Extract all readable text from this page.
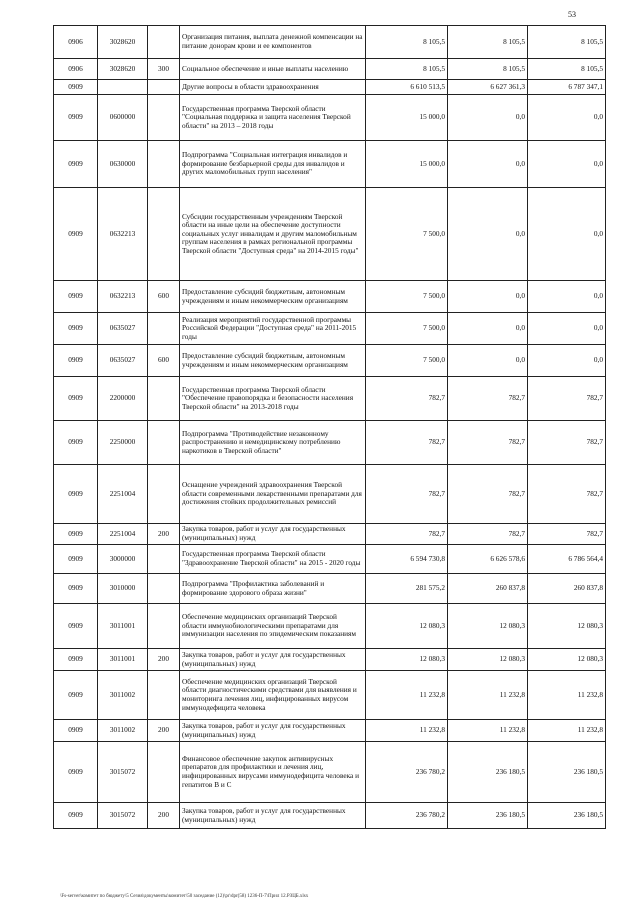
53
0906	3028620		Организация питания, выплата денежной компенсации на питание донорам крови и ее компонентов	8 105,5	8 105,5	8 105,5
0906	3028620	300	Социальное обеспечение и иные выплаты населению	8 105,5	8 105,5	8 105,5
0909			Другие вопросы в области здравоохранения	6 610 513,5	6 627 361,3	6 787 347,1
0909	0600000		Государственная программа Тверской области "Социальная поддержка и защита населения Тверской области" на 2013 – 2018 годы	15 000,0	0,0	0,0
0909	0630000		Подпрограмма "Социальная интеграция инвалидов и формирование безбарьерной среды для инвалидов и других маломобильных групп населения"	15 000,0	0,0	0,0
0909	0632213		Субсидии государственным учреждениям Тверской области на иные цели на обеспечение доступности социальных услуг инвалидам и другим маломобильным группам населения в рамках региональной программы Тверской области "Доступная среда" на 2014-2015 годы"	7 500,0	0,0	0,0
0909	0632213	600	Предоставление субсидий бюджетным, автономным учреждениям и иным некоммерческим организациям	7 500,0	0,0	0,0
0909	0635027		Реализация мероприятий государственной программы Российской Федерации "Доступная среда" на 2011-2015 годы	7 500,0	0,0	0,0
0909	0635027	600	Предоставление субсидий бюджетным, автономным учреждениям и иным некоммерческим организациям	7 500,0	0,0	0,0
0909	2200000		Государственная программа Тверской области "Обеспечение правопорядка и безопасности населения Тверской области" на 2013-2018 годы	782,7	782,7	782,7
0909	2250000		Подпрограмма "Противодействие незаконному распространению и немедицинскому потреблению наркотиков в Тверской области"	782,7	782,7	782,7
0909	2251004		Оснащение учреждений здравоохранения Тверской области современными лекарственными препаратами для достижения стойких продолжительных ремиссий	782,7	782,7	782,7
0909	2251004	200	Закупка товаров, работ и услуг для государственных (муниципальных) нужд	782,7	782,7	782,7
0909	3000000		Государственная программа Тверской области "Здравоохранение Тверской области" на 2015 - 2020 годы	6 594 730,8	6 626 578,6	6 786 564,4
0909	3010000		Подпрограмма "Профилактика заболеваний и формирование здорового образа жизни"	281 575,2	260 837,8	260 837,8
0909	3011001		Обеспечение медицинских организаций Тверской области иммунобиологическими препаратами для иммунизации населения по эпидемическим показаниям	12 080,3	12 080,3	12 080,3
0909	3011001	200	Закупка товаров, работ и услуг для государственных (муниципальных) нужд	12 080,3	12 080,3	12 080,3
0909	3011002		Обеспечение медицинских организаций Тверской области диагностическими средствами для выявления и мониторинга лечения лиц, инфицированных вирусом иммунодефицита человека	11 232,8	11 232,8	11 232,8
0909	3011002	200	Закупка товаров, работ и услуг для государственных (муниципальных) нужд	11 232,8	11 232,8	11 232,8
0909	3015072		Финансовое обеспечение закупок антивирусных препаратов для профилактики и лечения лиц, инфицированных вирусами иммунодефицита человека и гепатитов В и С	236 780,2	236 180,5	236 180,5
0909	3015072	200	Закупка товаров, работ и услуг для государственных (муниципальных) нужд	236 780,2	236 180,5	236 180,5
\Fs-server\комитет по бюджету\5 Сезия\документы\комитет\50 заседание (12)\pr\dpr(58) 1236-П-7\Прил 12.РЗЦБ.xlsx
